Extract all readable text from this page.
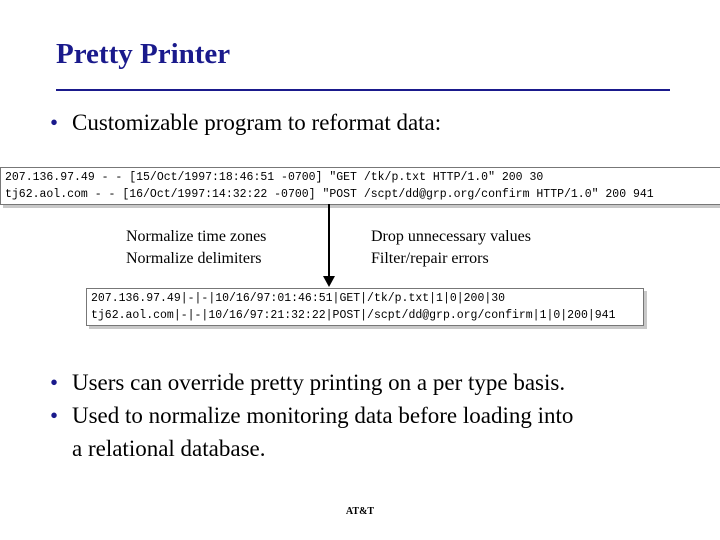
Pretty Printer
• Customizable program to reformat data:
207.136.97.49 - - [15/Oct/1997:18:46:51 -0700] "GET /tk/p.txt HTTP/1.0" 200 30
tj62.aol.com - - [16/Oct/1997:14:32:22 -0700] "POST /scpt/dd@grp.org/confirm HTTP/1.0" 200 941
Normalize time zones
Normalize delimiters
Drop unnecessary values
Filter/repair errors
207.136.97.49|-|-|10/16/97:01:46:51|GET|/tk/p.txt|1|0|200|30
tj62.aol.com|-|-|10/16/97:21:32:22|POST|/scpt/dd@grp.org/confirm|1|0|200|941
• Users can override pretty printing on a per type basis.
• Used to normalize monitoring data before loading into
a relational database.
AT&T
